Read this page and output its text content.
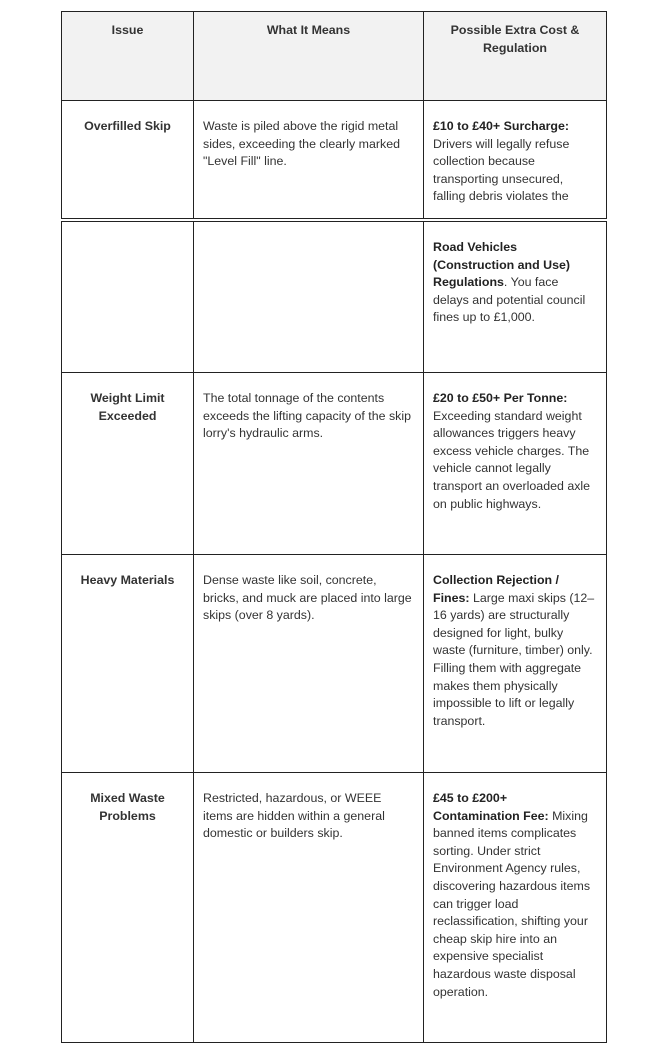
Issue	What It Means	Possible Extra Cost & Regulation
Overfilled Skip	Waste is piled above the rigid metal sides, exceeding the clearly marked "Level Fill" line.	£10 to £40+ Surcharge: Drivers will legally refuse collection because transporting unsecured, falling debris violates the

		Road Vehicles (Construction and Use) Regulations. You face delays and potential council fines up to £1,000.
Weight Limit Exceeded	The total tonnage of the contents exceeds the lifting capacity of the skip lorry's hydraulic arms.	£20 to £50+ Per Tonne: Exceeding standard weight allowances triggers heavy excess vehicle charges. The vehicle cannot legally transport an overloaded axle on public highways.
Heavy Materials	Dense waste like soil, concrete, bricks, and muck are placed into large skips (over 8 yards).	Collection Rejection / Fines: Large maxi skips (12–16 yards) are structurally designed for light, bulky waste (furniture, timber) only. Filling them with aggregate makes them physically impossible to lift or legally transport.
Mixed Waste Problems	Restricted, hazardous, or WEEE items are hidden within a general domestic or builders skip.	£45 to £200+ Contamination Fee: Mixing banned items complicates sorting. Under strict Environment Agency rules, discovering hazardous items can trigger load reclassification, shifting your cheap skip hire into an expensive specialist hazardous waste disposal operation.
